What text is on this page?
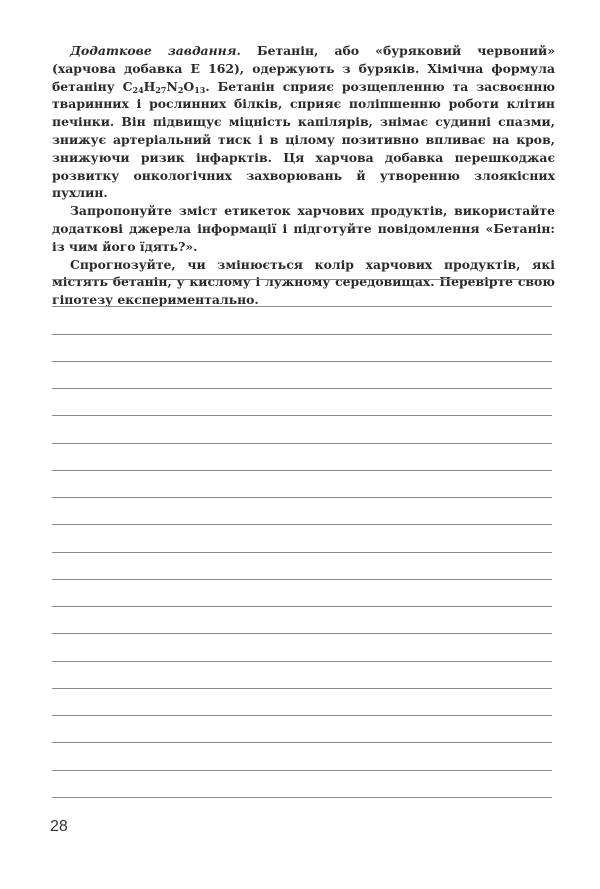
Додаткове завдання. Бетанін, або «буряковий червоний» (харчова добавка Е 162), одержують з буряків. Хімічна формула бетаніну $C_{24}H_{27}N_2O_{13}$. Бетанін сприяє розщепленню та засвоєнню тваринних і рослинних білків, сприяє поліпшенню роботи клітин печінки. Він підвищує міцність капілярів, знімає судинні спазми, знижує артеріальний тиск і в цілому позитивно впливає на кров, знижуючи ризик інфарктів. Ця харчова добавка перешкоджає розвитку онкологічних захворювань й утворенню злоякісних пухлин.

Запропонуйте зміст етикеток харчових продуктів, використайте додаткові джерела інформації і підготуйте повідомлення «Бетанін: із чим його їдять?».

Спрогнозуйте, чи змінюється колір харчових продуктів, які містять бетанін, у кислому і лужному середовищах. Перевірте свою гіпотезу експериментально.

28
